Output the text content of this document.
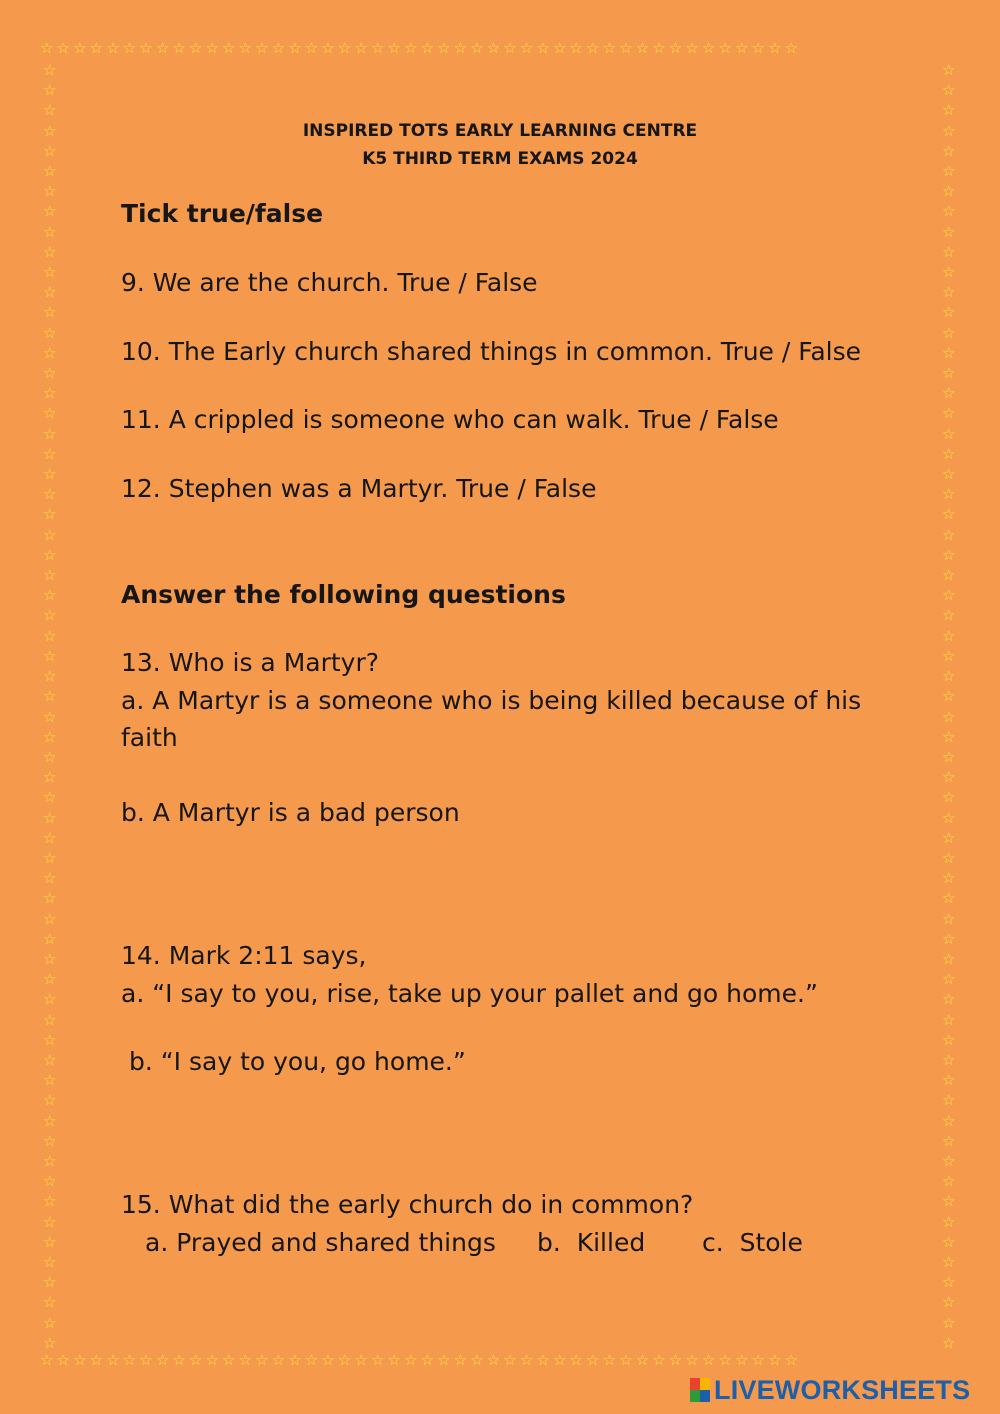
☆☆☆☆☆☆☆☆☆☆☆☆☆☆☆☆☆☆☆☆☆☆☆☆☆☆☆☆☆☆☆☆☆☆☆☆☆☆☆☆☆☆☆☆☆☆
☆☆☆☆☆☆☆☆☆☆☆☆☆☆☆☆☆☆☆☆☆☆☆☆☆☆☆☆☆☆☆☆☆☆☆☆☆☆☆☆☆☆☆☆☆☆
☆☆☆☆☆☆☆☆☆☆☆☆☆☆☆☆☆☆☆☆☆☆☆☆☆☆☆☆☆☆☆☆☆☆☆☆☆☆☆☆☆☆☆☆☆☆☆☆☆☆☆☆☆☆☆☆☆☆☆☆☆☆☆☆
☆☆☆☆☆☆☆☆☆☆☆☆☆☆☆☆☆☆☆☆☆☆☆☆☆☆☆☆☆☆☆☆☆☆☆☆☆☆☆☆☆☆☆☆☆☆☆☆☆☆☆☆☆☆☆☆☆☆☆☆☆☆☆☆
INSPIRED TOTS EARLY LEARNING CENTRE
K5 THIRD TERM EXAMS 2024
Tick true/false
9. We are the church. True / False
10. The Early church shared things in common. True / False
11. A crippled is someone who can walk. True / False
12. Stephen was a Martyr. True / False
Answer the following questions
13. Who is a Martyr?
a. A Martyr is a someone who is being killed because of his
faith
b. A Martyr is a bad person
14. Mark 2:11 says,
a. “I say to you, rise, take up your pallet and go home.”
b. “I say to you, go home.”
15. What did the early church do in common?
a. Prayed and shared things b.  Killed c.  Stole
LIVEWORKSHEETS
